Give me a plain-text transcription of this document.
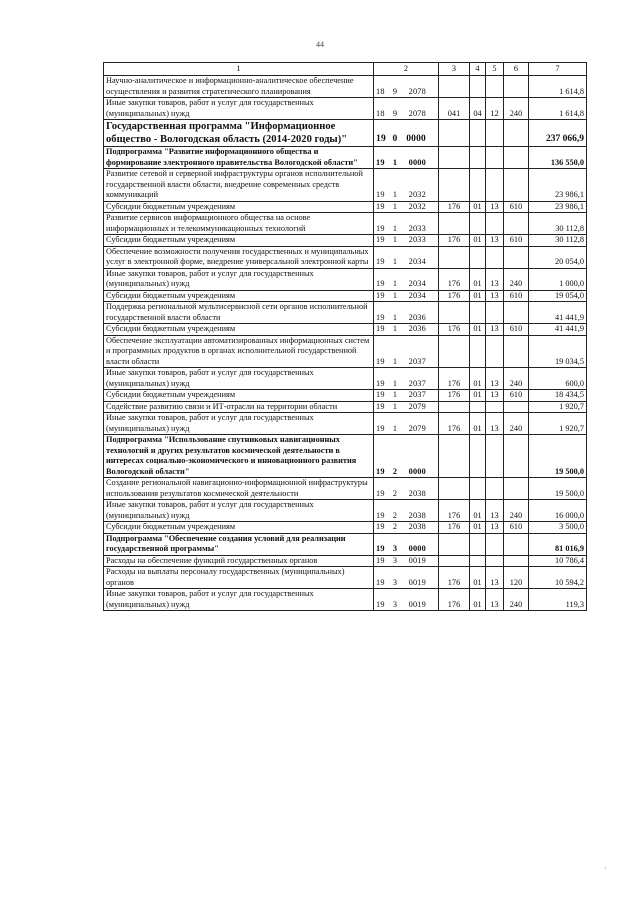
44
1	2	3	4	5	6	7
Научно-аналитическое и информационно-аналитическое обеспечение осуществления и развития стратегического планирования	18 9 2078					1 614,8
Иные закупки товаров, работ и услуг для государственных (муниципальных) нужд	18 9 2078	041	04	12	240	1 614,8
Государственная программа "Информационное общество - Вологодская область (2014-2020 годы)"	19 0 0000					237 066,9
Подпрограмма "Развитие информационного общества и формирование электронного правительства Вологодской области"	19 1 0000					136 550,0
Развитие сетевой и серверной инфраструктуры органов исполнительной государственной власти области, внедрение современных средств коммуникаций	19 1 2032					23 986,1
Субсидии бюджетным учреждениям	19 1 2032	176	01	13	610	23 986,1
Развитие сервисов информационного общества на основе информационных и телекоммуникационных технологий	19 1 2033					30 112,8
Субсидии бюджетным учреждениям	19 1 2033	176	01	13	610	30 112,8
Обеспечение возможности получения государственных и муниципальных услуг в электронной форме, внедрение универсальной электронной карты	19 1 2034					20 054,0
Иные закупки товаров, работ и услуг для государственных (муниципальных) нужд	19 1 2034	176	01	13	240	1 000,0
Субсидии бюджетным учреждениям	19 1 2034	176	01	13	610	19 054,0
Поддержка региональной мультисервисной сети органов исполнительной государственной власти области	19 1 2036					41 441,9
Субсидии бюджетным учреждениям	19 1 2036	176	01	13	610	41 441,9
Обеспечение эксплуатации автоматизированных информационных систем и программных продуктов в органах исполнительной государственной власти области	19 1 2037					19 034,5
Иные закупки товаров, работ и услуг для государственных (муниципальных) нужд	19 1 2037	176	01	13	240	600,0
Субсидии бюджетным учреждениям	19 1 2037	176	01	13	610	18 434,5
Содействие развитию связи и ИТ-отрасли на территории области	19 1 2079					1 920,7
Иные закупки товаров, работ и услуг для государственных (муниципальных) нужд	19 1 2079	176	01	13	240	1 920,7
Подпрограмма "Использование спутниковых навигационных технологий и других результатов космической деятельности в интересах социально-экономического и инновационного развития Вологодской области"	19 2 0000					19 500,0
Создание региональной навигационно-информационной инфраструктуры использования результатов космической деятельности	19 2 2038					19 500,0
Иные закупки товаров, работ и услуг для государственных (муниципальных) нужд	19 2 2038	176	01	13	240	16 000,0
Субсидии бюджетным учреждениям	19 2 2038	176	01	13	610	3 500,0
Подпрограмма "Обеспечение создания условий для реализации государственной программы"	19 3 0000					81 016,9
Расходы на обеспечение функций государственных органов	19 3 0019					10 786,4
Расходы на выплаты персоналу государственных (муниципальных) органов	19 3 0019	176	01	13	120	10 594,2
Иные закупки товаров, работ и услуг для государственных (муниципальных) нужд	19 3 0019	176	01	13	240	119,3
'
